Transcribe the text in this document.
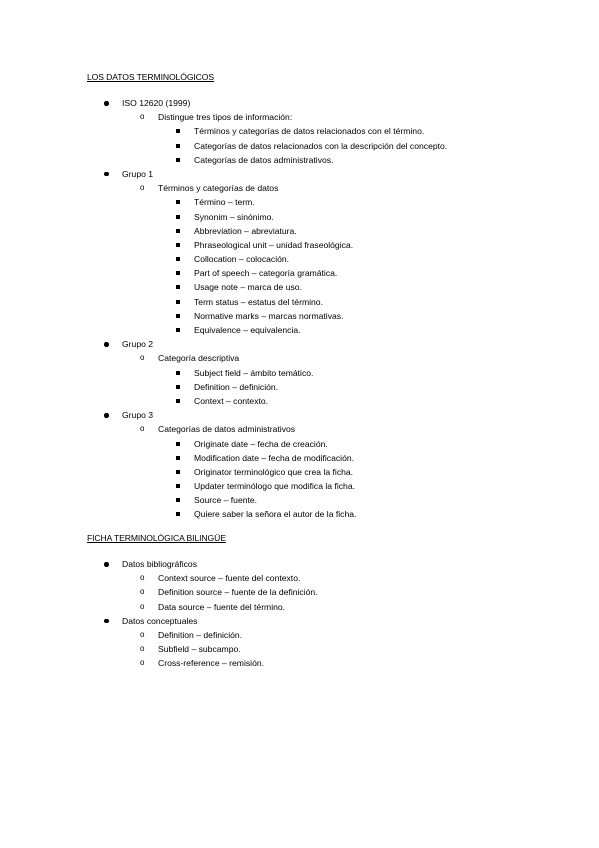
LOS DATOS TERMINOLÓGICOS
ISO 12620 (1999)
o Distingue tres tipos de información:
Términos y categorías de datos relacionados con el término.
Categorías de datos relacionados con la descripción del concepto.
Categorías de datos administrativos.
Grupo 1
o Términos y categorías de datos
Término – term.
Synonim – sinónimo.
Abbreviation – abreviatura.
Phraseological unit – unidad fraseológica.
Collocation – colocación.
Part of speech – categoría gramática.
Usage note – marca de uso.
Term status – estatus del término.
Normative marks – marcas normativas.
Equivalence – equivalencia.
Grupo 2
o Categoría descriptiva
Subject field – ámbito temático.
Definition – definición.
Context – contexto.
Grupo 3
o Categorías de datos administrativos
Originate date – fecha de creación.
Modification date – fecha de modificación.
Originator terminológico que crea la ficha.
Updater terminólogo que modifica la ficha.
Source – fuente.
Quiere saber la señora el autor de la ficha.
FICHA TERMINOLÓGICA BILINGÜE
Datos bibliográficos
o Context source – fuente del contexto.
o Definition source – fuente de la definición.
o Data source – fuente del término.
Datos conceptuales
o Definition – definición.
o Subfield – subcampo.
o Cross-reference – remisión.
